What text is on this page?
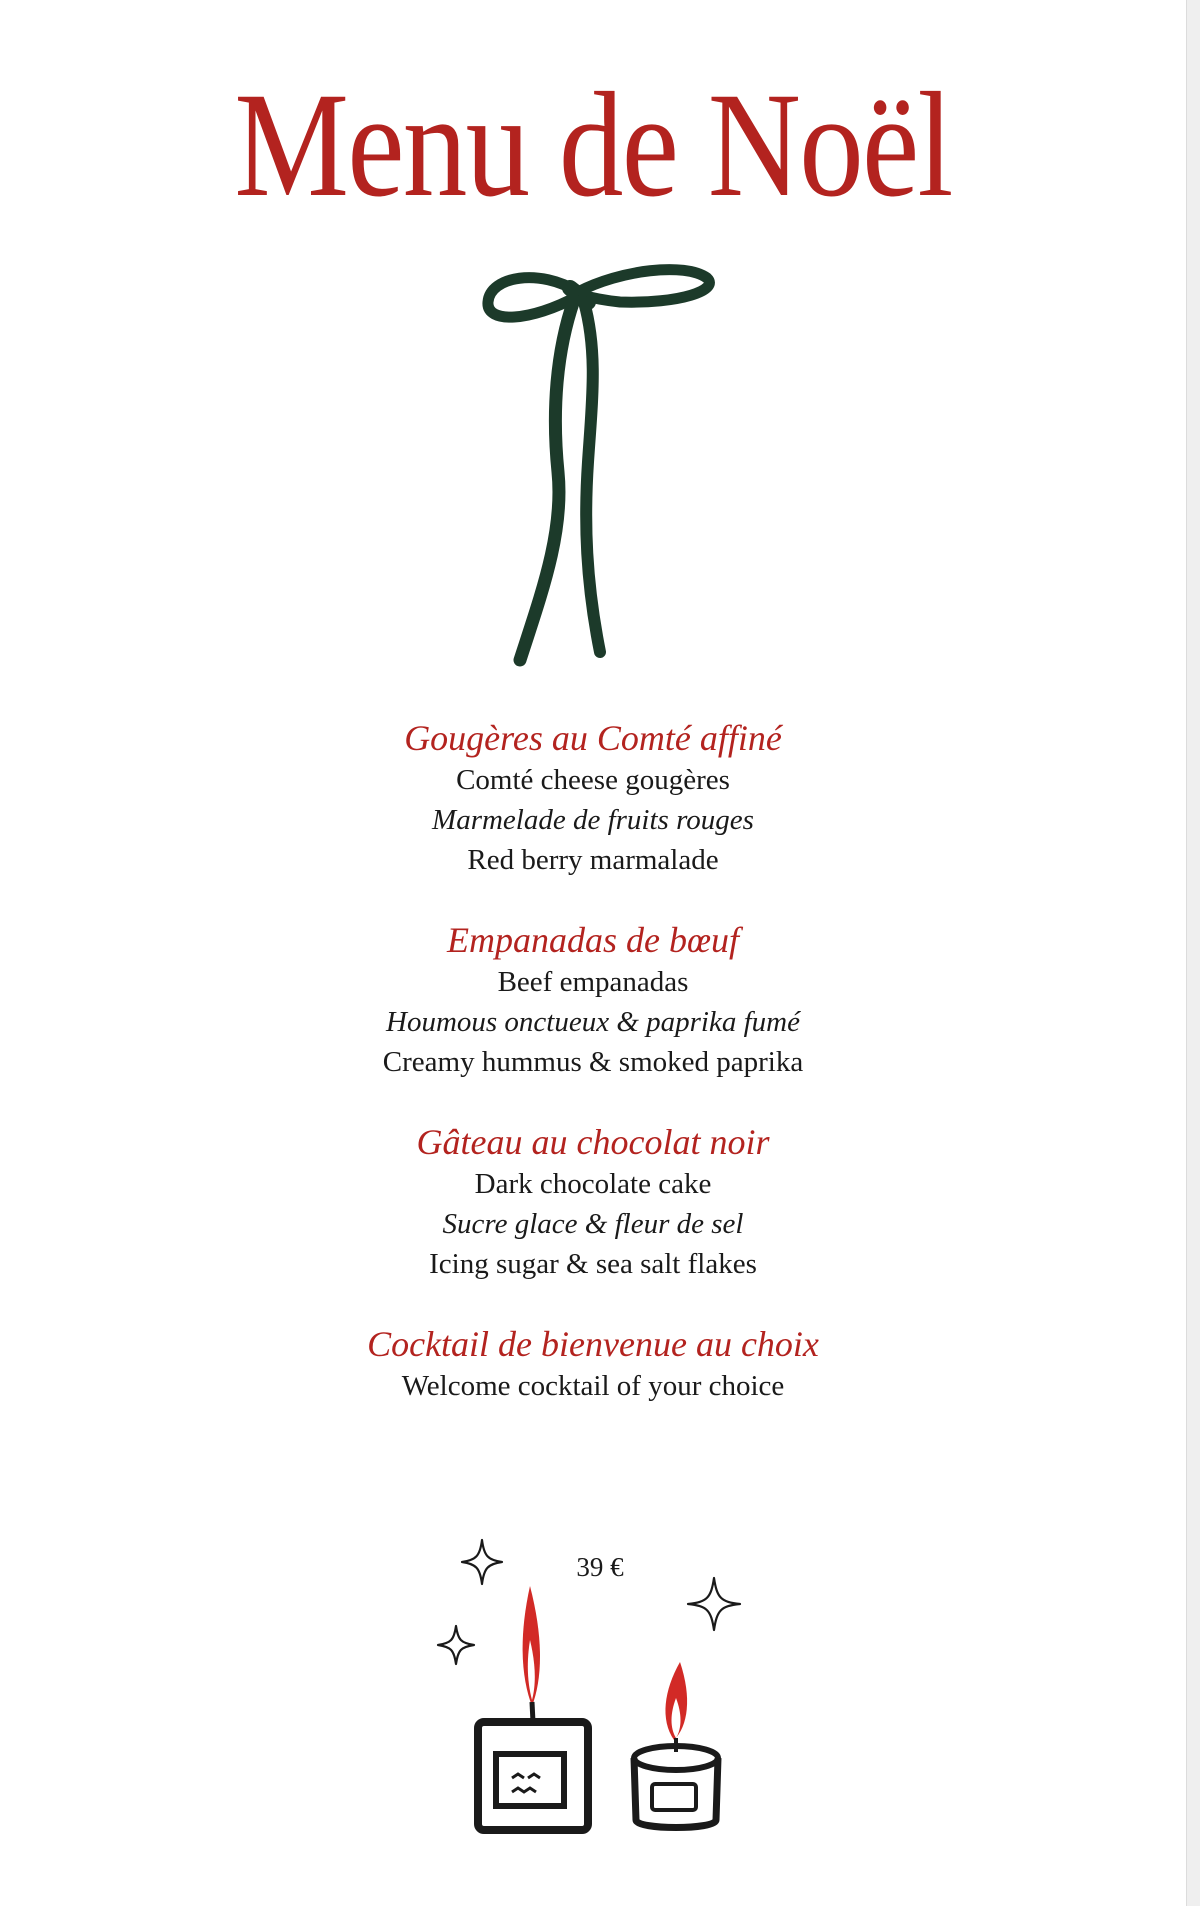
Menu de Noël
Gougères au Comté affiné
Comté cheese gougères
Marmelade de fruits rouges
Red berry marmalade
Empanadas de bœuf
Beef empanadas
Houmous onctueux & paprika fumé
Creamy hummus & smoked paprika
Gâteau au chocolat noir
Dark chocolate cake
Sucre glace & fleur de sel
Icing sugar & sea salt flakes
Cocktail de bienvenue au choix
Welcome cocktail of your choice
39 €
